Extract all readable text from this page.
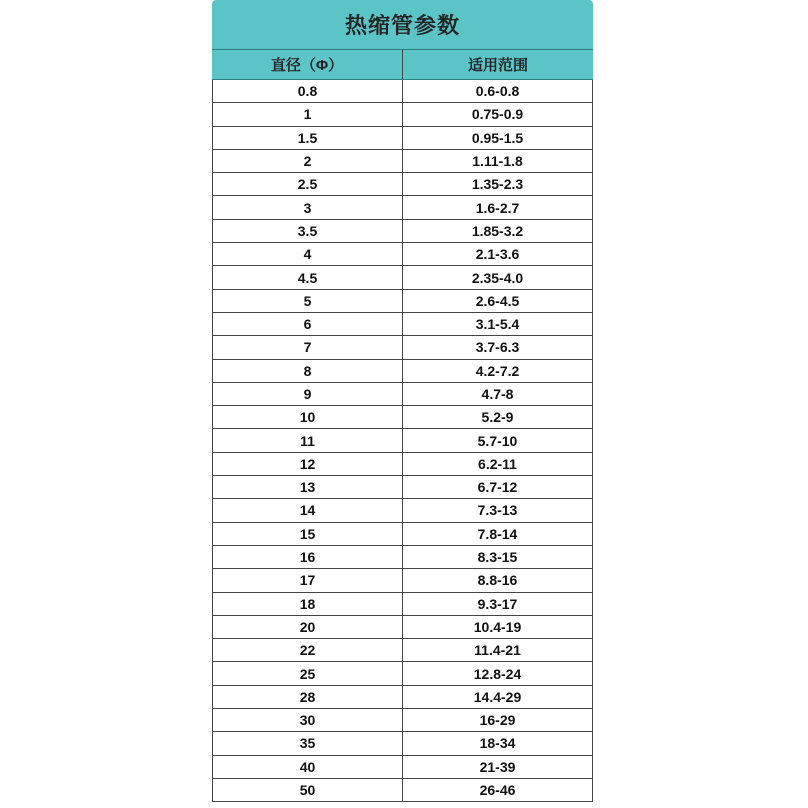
热缩管参数
直径（Φ）	适用范围
0.8	0.6-0.8
1	0.75-0.9
1.5	0.95-1.5
2	1.11-1.8
2.5	1.35-2.3
3	1.6-2.7
3.5	1.85-3.2
4	2.1-3.6
4.5	2.35-4.0
5	2.6-4.5
6	3.1-5.4
7	3.7-6.3
8	4.2-7.2
9	4.7-8
10	5.2-9
11	5.7-10
12	6.2-11
13	6.7-12
14	7.3-13
15	7.8-14
16	8.3-15
17	8.8-16
18	9.3-17
20	10.4-19
22	11.4-21
25	12.8-24
28	14.4-29
30	16-29
35	18-34
40	21-39
50	26-46
